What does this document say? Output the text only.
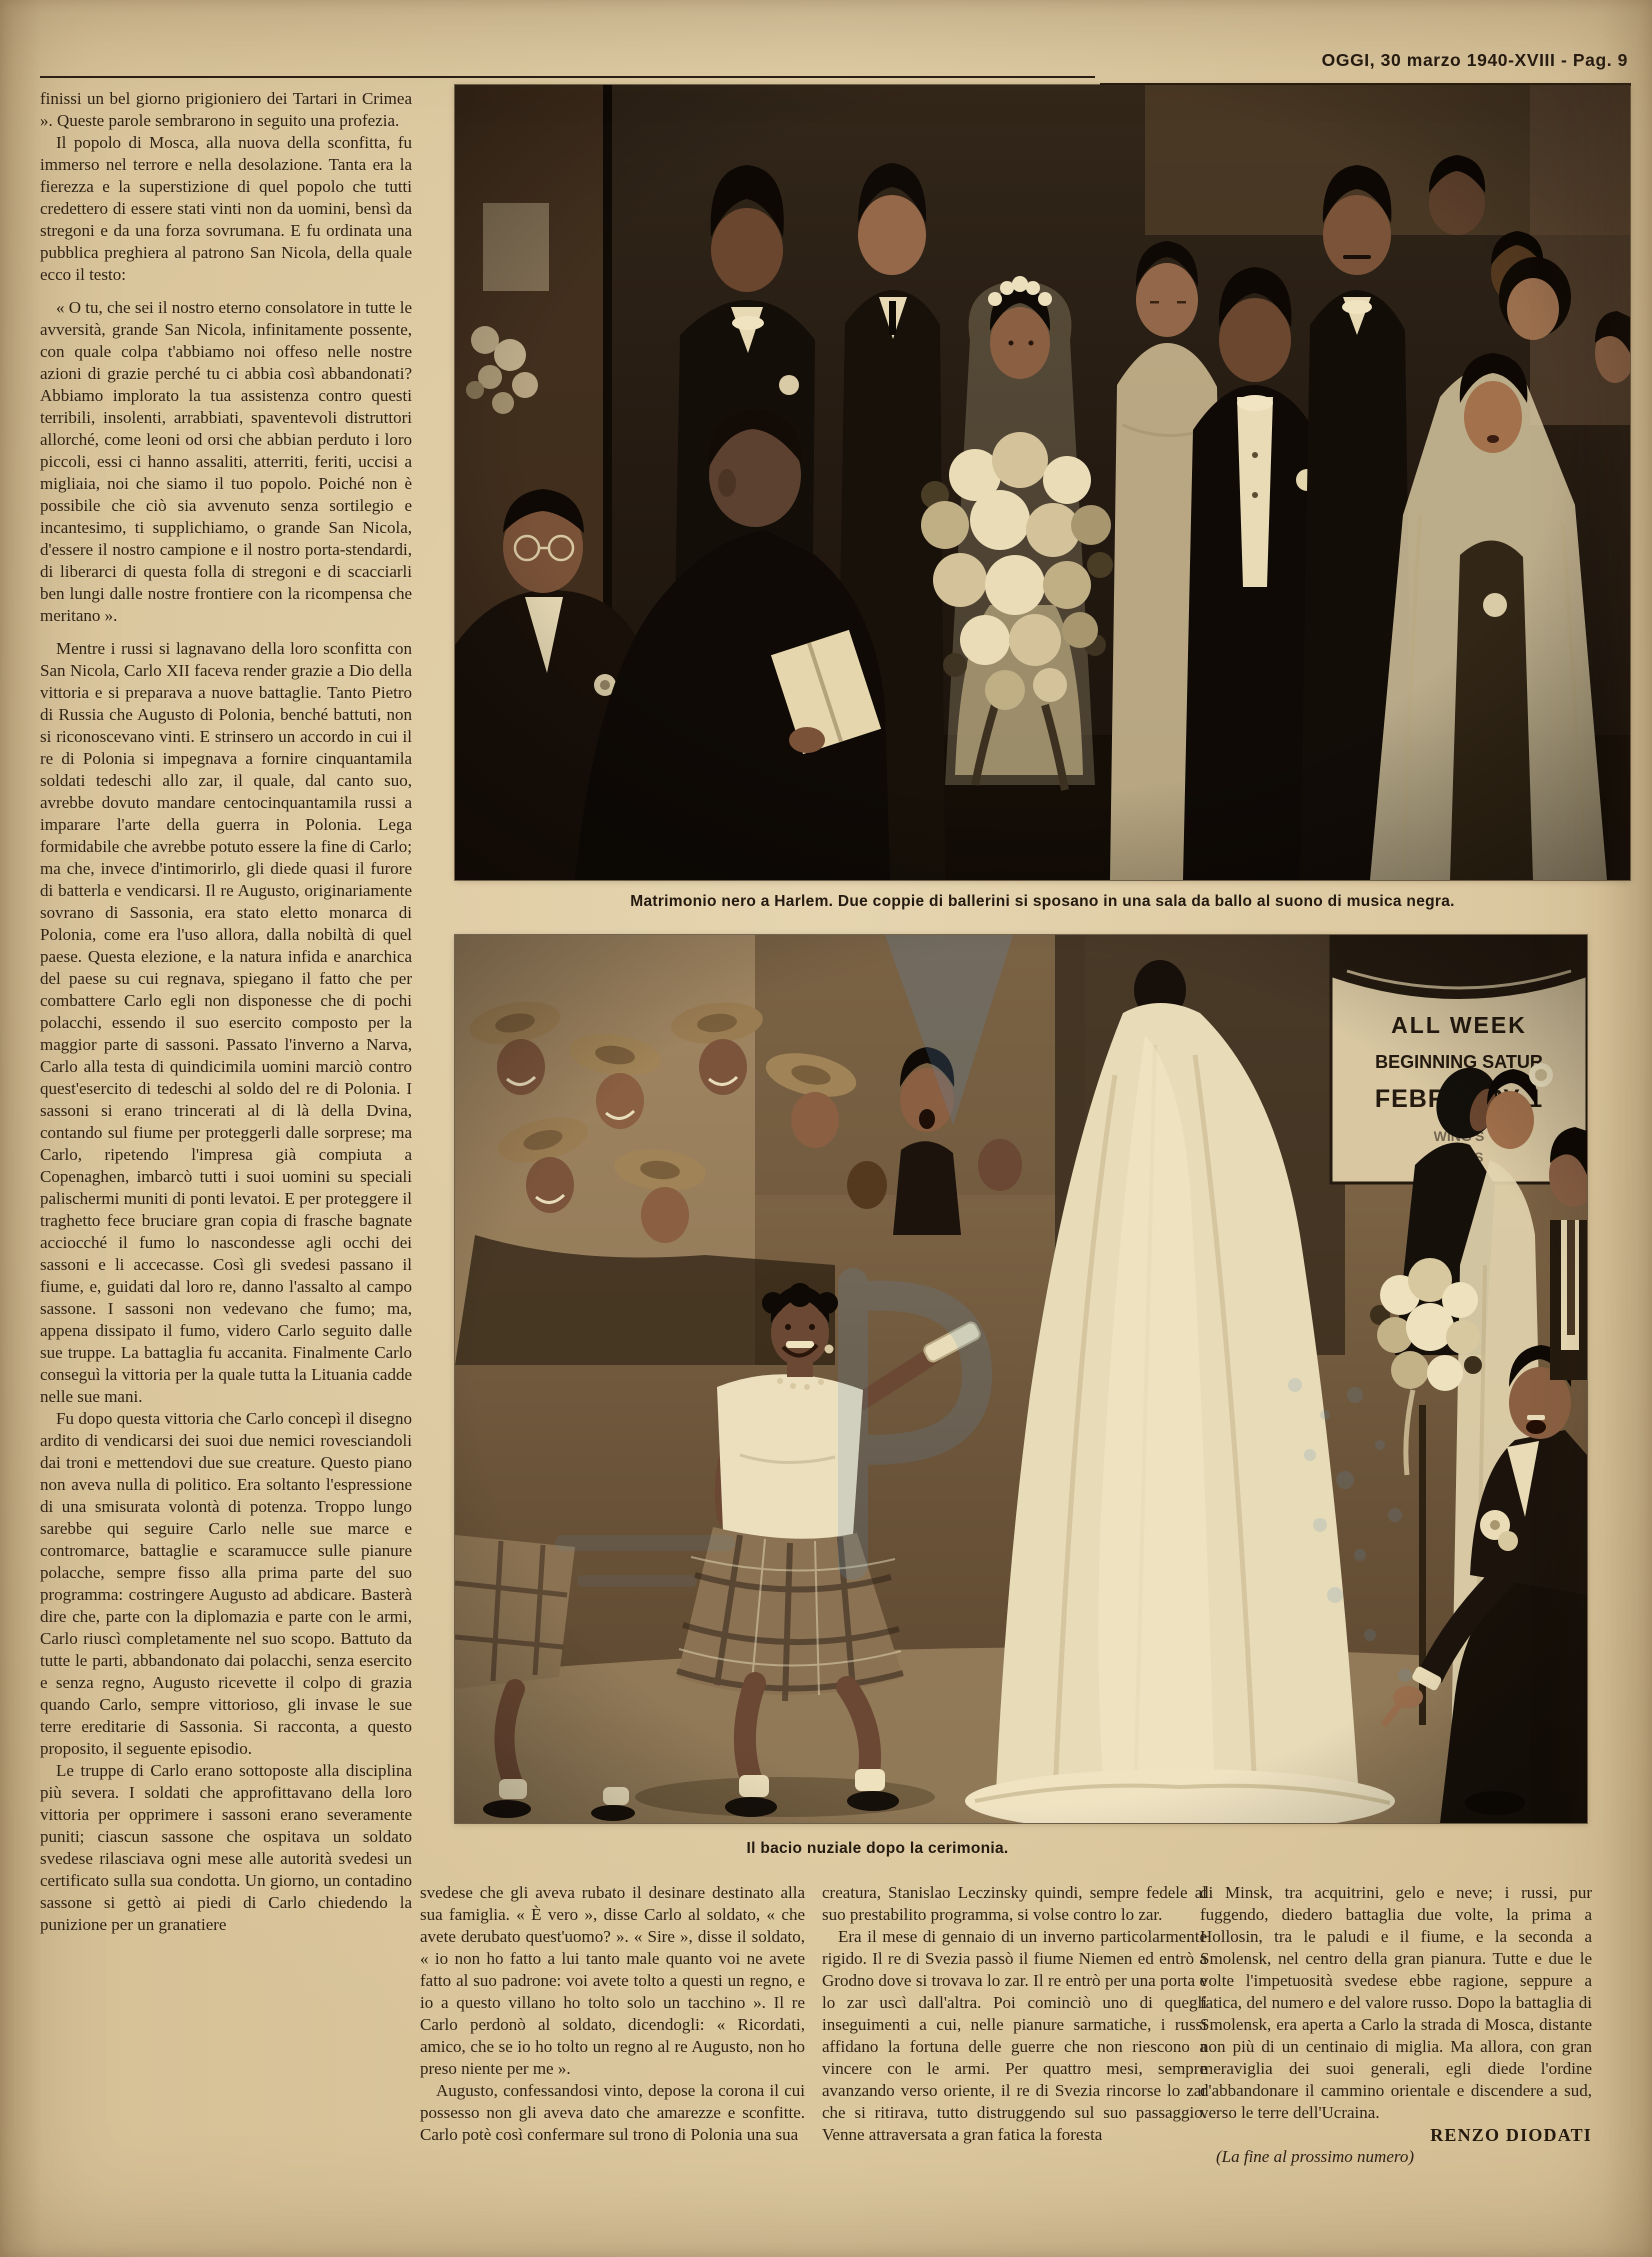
OGGI, 30 marzo 1940-XVIII - Pag. 9

finissi un bel giorno prigioniero dei Tartari in Crimea ». Queste parole sembrarono in seguito una profezia.

Il popolo di Mosca, alla nuova della sconfitta, fu immerso nel terrore e nella desolazione. Tanta era la fierezza e la superstizione di quel popolo che tutti credettero di essere stati vinti non da uomini, bensì da stregoni e da una forza sovrumana. E fu ordinata una pubblica preghiera al patrono San Nicola, della quale ecco il testo:

« O tu, che sei il nostro eterno consolatore in tutte le avversità, grande San Nicola, infinitamente possente, con quale colpa t'abbiamo noi offeso nelle nostre azioni di grazie perché tu ci abbia così abbandonati? Abbiamo implorato la tua assistenza contro questi terribili, insolenti, arrabbiati, spaventevoli distruttori allorché, come leoni od orsi che abbian perduto i loro piccoli, essi ci hanno assaliti, atterriti, feriti, uccisi a migliaia, noi che siamo il tuo popolo. Poiché non è possibile che ciò sia avvenuto senza sortilegio e incantesimo, ti supplichiamo, o grande San Nicola, d'essere il nostro campione e il nostro porta-stendardi, di liberarci di questa folla di stregoni e di scacciarli ben lungi dalle nostre frontiere con la ricompensa che meritano ».

Mentre i russi si lagnavano della loro sconfitta con San Nicola, Carlo XII faceva render grazie a Dio della vittoria e si preparava a nuove battaglie. Tanto Pietro di Russia che Augusto di Polonia, benché battuti, non si riconoscevano vinti. E strinsero un accordo in cui il re di Polonia si impegnava a fornire cinquantamila soldati tedeschi allo zar, il quale, dal canto suo, avrebbe dovuto mandare centocinquantamila russi a imparare l'arte della guerra in Polonia. Lega formidabile che avrebbe potuto essere la fine di Carlo; ma che, invece d'intimorirlo, gli diede quasi il furore di batterla e vendicarsi. Il re Augusto, originariamente sovrano di Sassonia, era stato eletto monarca di Polonia, come era l'uso allora, dalla nobiltà di quel paese. Questa elezione, e la natura infida e anarchica del paese su cui regnava, spiegano il fatto che per combattere Carlo egli non disponesse che di pochi polacchi, essendo il suo esercito composto per la maggior parte di sassoni. Passato l'inverno a Narva, Carlo alla testa di quindicimila uomini marciò contro quest'esercito di tedeschi al soldo del re di Polonia. I sassoni si erano trincerati al di là della Dvina, contando sul fiume per proteggerli dalle sorprese; ma Carlo, ripetendo l'impresa già compiuta a Copenaghen, imbarcò tutti i suoi uomini su speciali palischermi muniti di ponti levatoi. E per proteggere il traghetto fece bruciare gran copia di frasche bagnate acciocché il fumo lo nascondesse agli occhi dei sassoni e li accecasse. Così gli svedesi passano il fiume, e, guidati dal loro re, danno l'assalto al campo sassone. I sassoni non vedevano che fumo; ma, appena dissipato il fumo, videro Carlo seguito dalle sue truppe. La battaglia fu accanita. Finalmente Carlo conseguì la vittoria per la quale tutta la Lituania cadde nelle sue mani.

Fu dopo questa vittoria che Carlo concepì il disegno ardito di vendicarsi dei suoi due nemici rovesciandoli dai troni e mettendovi due sue creature. Questo piano non aveva nulla di politico. Era soltanto l'espressione di una smisurata volontà di potenza. Troppo lungo sarebbe qui seguire Carlo nelle sue marce e contromarce, battaglie e scaramucce sulle pianure polacche, sempre fisso alla prima parte del suo programma: costringere Augusto ad abdicare. Basterà dire che, parte con la diplomazia e parte con le armi, Carlo riuscì completamente nel suo scopo. Battuto da tutte le parti, abbandonato dai polacchi, senza esercito e senza regno, Augusto ricevette il colpo di grazia quando Carlo, sempre vittorioso, gli invase le sue terre ereditarie di Sassonia. Si racconta, a questo proposito, il seguente episodio.

Le truppe di Carlo erano sottoposte alla disciplina più severa. I soldati che approfittavano della loro vittoria per opprimere i sassoni erano severamente puniti; ciascun sassone che ospitava un soldato svedese rilasciava ogni mese alle autorità svedesi un certificato sulla sua condotta. Un giorno, un contadino sassone si gettò ai piedi di Carlo chiedendo la punizione per un granatiere

Matrimonio nero a Harlem. Due coppie di ballerini si sposano in una sala da ballo al suono di musica negra.
Il bacio nuziale dopo la cerimonia.

svedese che gli aveva rubato il desinare destinato alla sua famiglia. « È vero », disse Carlo al soldato, « che avete derubato quest'uomo? ». « Sire », disse il soldato, « io non ho fatto a lui tanto male quanto voi ne avete fatto al suo padrone: voi avete tolto a questi un regno, e io a questo villano ho tolto solo un tacchino ». Il re Carlo perdonò al soldato, dicendogli: « Ricordati, amico, che se io ho tolto un regno al re Augusto, non ho preso niente per me ».

Augusto, confessandosi vinto, depose la corona il cui possesso non gli aveva dato che amarezze e sconfitte. Carlo potè così confermare sul trono di Polonia una sua

creatura, Stanislao Leczinsky quindi, sempre fedele al suo prestabilito programma, si volse contro lo zar.

Era il mese di gennaio di un inverno particolarmente rigido. Il re di Svezia passò il fiume Niemen ed entrò a Grodno dove si trovava lo zar. Il re entrò per una porta e lo zar uscì dall'altra. Poi cominciò uno di quegli inseguimenti a cui, nelle pianure sarmatiche, i russi affidano la fortuna delle guerre che non riescono a vincere con le armi. Per quattro mesi, sempre avanzando verso oriente, il re di Svezia rincorse lo zar che si ritirava, tutto distruggendo sul suo passaggio. Venne attraversata a gran fatica la foresta

di Minsk, tra acquitrini, gelo e neve; i russi, pur fuggendo, diedero battaglia due volte, la prima a Hollosin, tra le paludi e il fiume, e la seconda a Smolensk, nel centro della gran pianura. Tutte e due le volte l'impetuosità svedese ebbe ragione, seppure a fatica, del numero e del valore russo. Dopo la battaglia di Smolensk, era aperta a Carlo la strada di Mosca, distante non più di un centinaio di miglia. Ma allora, con gran meraviglia dei suoi generali, egli diede l'ordine d'abbandonare il cammino orientale e discendere a sud, verso le terre dell'Ucraina.

RENZO DIODATI

(La fine al prossimo numero)
